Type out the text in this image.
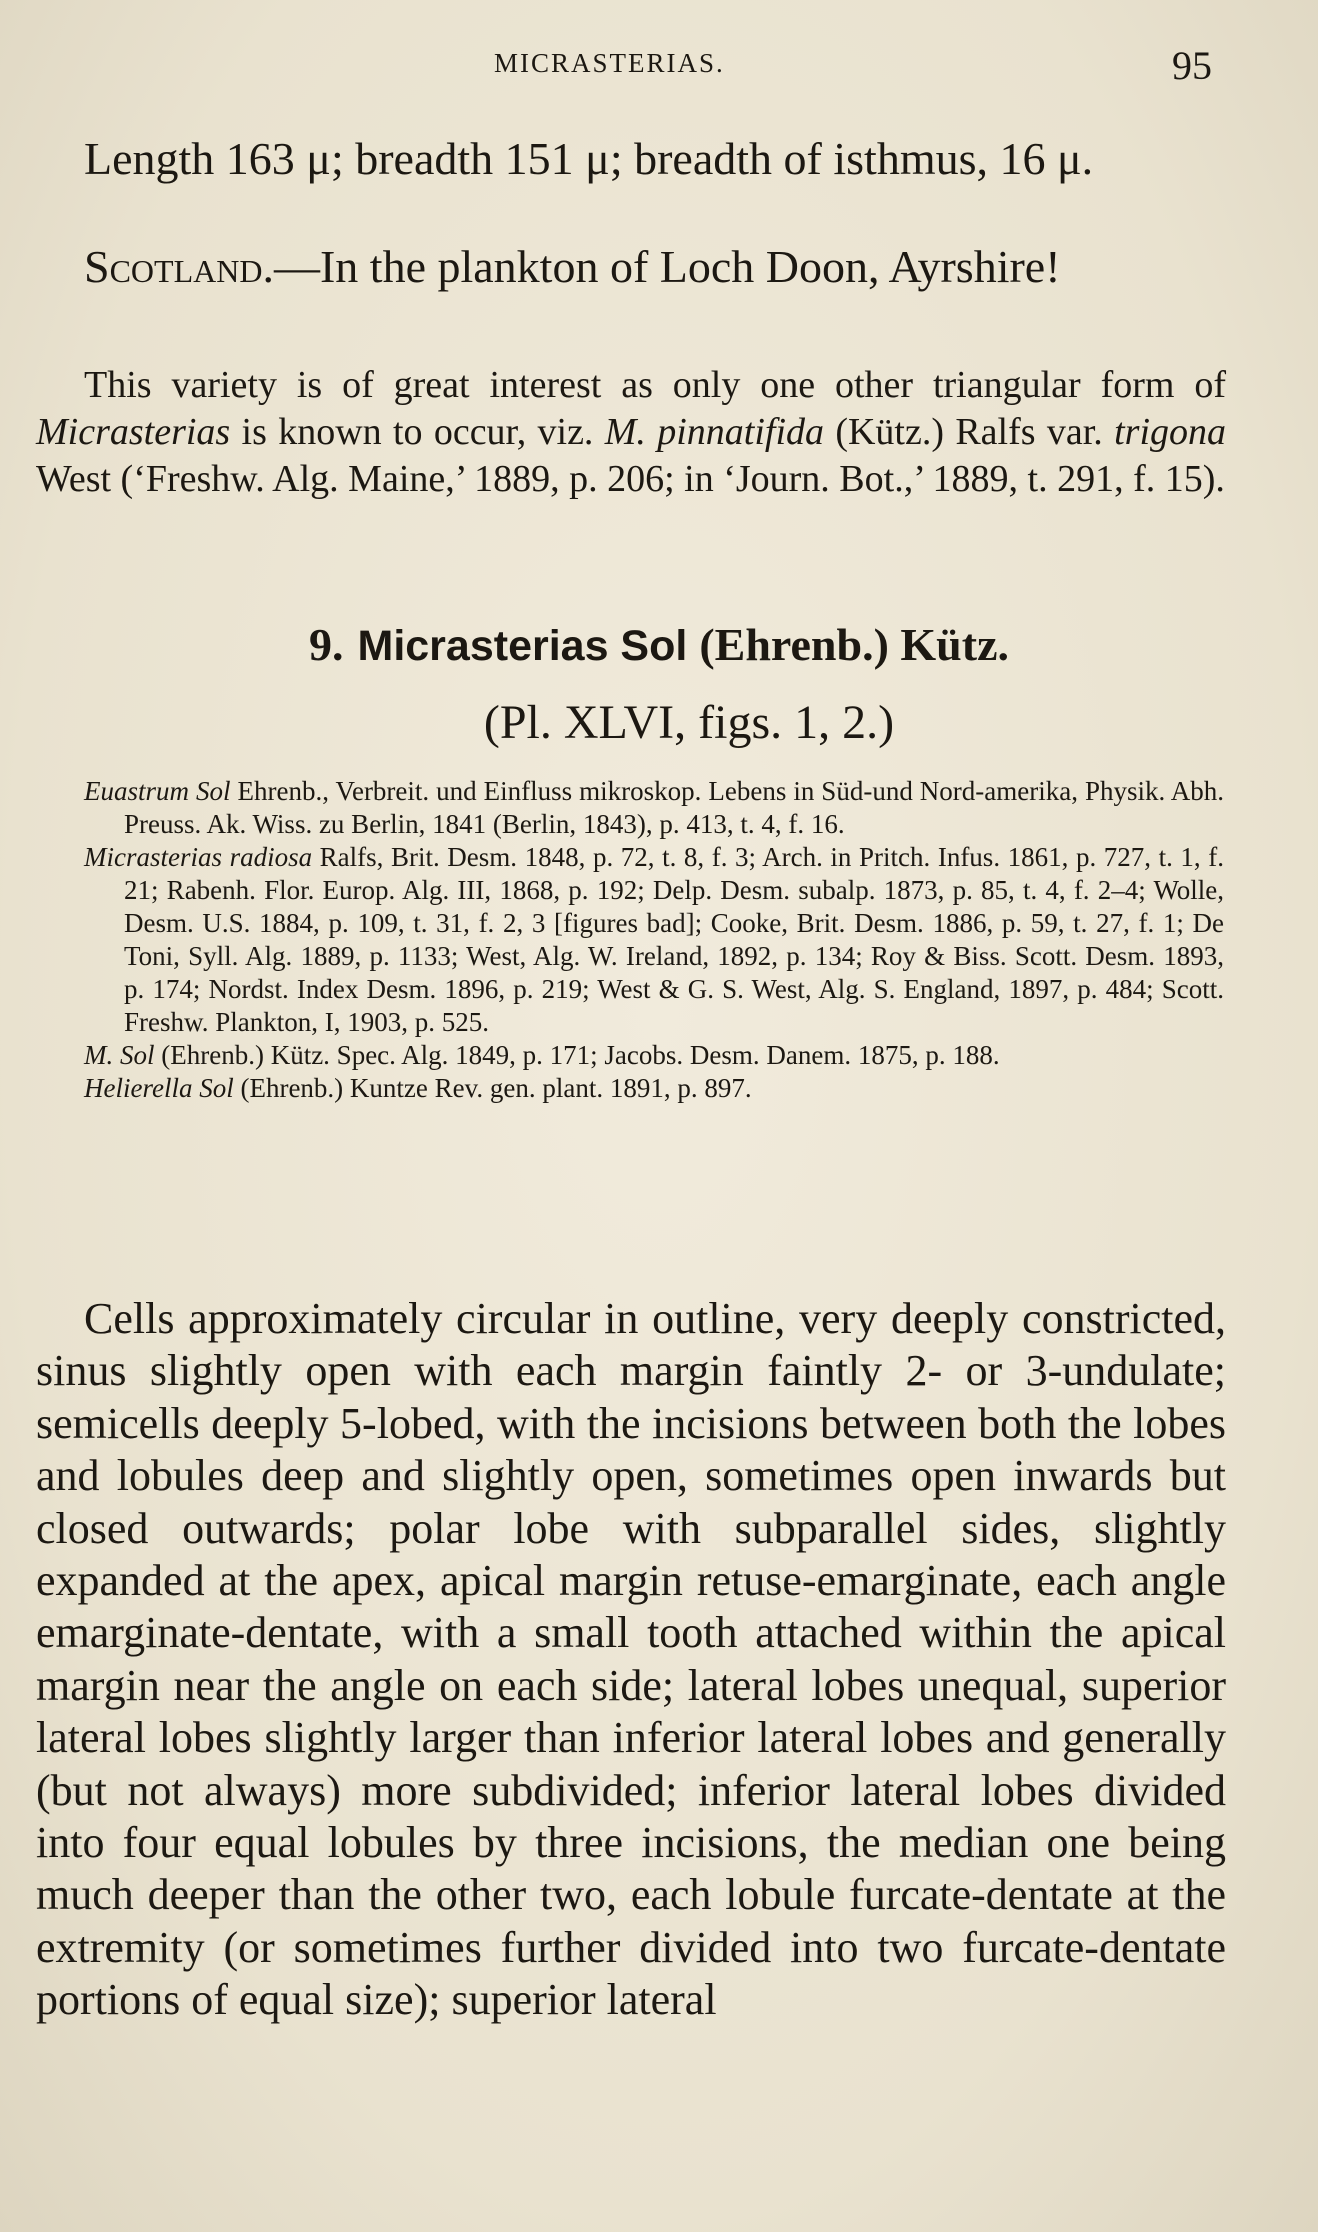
MICRASTERIAS.	95

Length 163 μ; breadth 151 μ; breadth of isthmus, 16 μ.

Scotland.—In the plankton of Loch Doon, Ayrshire!

This variety is of great interest as only one other triangular form of Micrasterias is known to occur, viz. M. pinnatifida (Kütz.) Ralfs var. trigona West (‘Freshw. Alg. Maine,’ 1889, p. 206; in ‘Journ. Bot.,’ 1889, t. 291, f. 15).

9. Micrasterias Sol (Ehrenb.) Kütz.

(Pl. XLVI, figs. 1, 2.)

Euastrum Sol Ehrenb., Verbreit. und Einfluss mikroskop. Lebens in Süd-und Nord-amerika, Physik. Abh. Preuss. Ak. Wiss. zu Berlin, 1841 (Berlin, 1843), p. 413, t. 4, f. 16.
Micrasterias radiosa Ralfs, Brit. Desm. 1848, p. 72, t. 8, f. 3; Arch. in Pritch. Infus. 1861, p. 727, t. 1, f. 21; Rabenh. Flor. Europ. Alg. III, 1868, p. 192; Delp. Desm. subalp. 1873, p. 85, t. 4, f. 2–4; Wolle, Desm. U.S. 1884, p. 109, t. 31, f. 2, 3 [figures bad]; Cooke, Brit. Desm. 1886, p. 59, t. 27, f. 1; De Toni, Syll. Alg. 1889, p. 1133; West, Alg. W. Ireland, 1892, p. 134; Roy & Biss. Scott. Desm. 1893, p. 174; Nordst. Index Desm. 1896, p. 219; West & G. S. West, Alg. S. England, 1897, p. 484; Scott. Freshw. Plankton, I, 1903, p. 525.
M. Sol (Ehrenb.) Kütz. Spec. Alg. 1849, p. 171; Jacobs. Desm. Danem. 1875, p. 188.
Helierella Sol (Ehrenb.) Kuntze Rev. gen. plant. 1891, p. 897.

Cells approximately circular in outline, very deeply constricted, sinus slightly open with each margin faintly 2- or 3-undulate; semicells deeply 5-lobed, with the incisions between both the lobes and lobules deep and slightly open, sometimes open inwards but closed outwards; polar lobe with subparallel sides, slightly expanded at the apex, apical margin retuse-emarginate, each angle emarginate-dentate, with a small tooth attached within the apical margin near the angle on each side; lateral lobes unequal, superior lateral lobes slightly larger than inferior lateral lobes and generally (but not always) more subdivided; inferior lateral lobes divided into four equal lobules by three incisions, the median one being much deeper than the other two, each lobule furcate-dentate at the extremity (or sometimes further divided into two furcate-dentate portions of equal size); superior lateral
